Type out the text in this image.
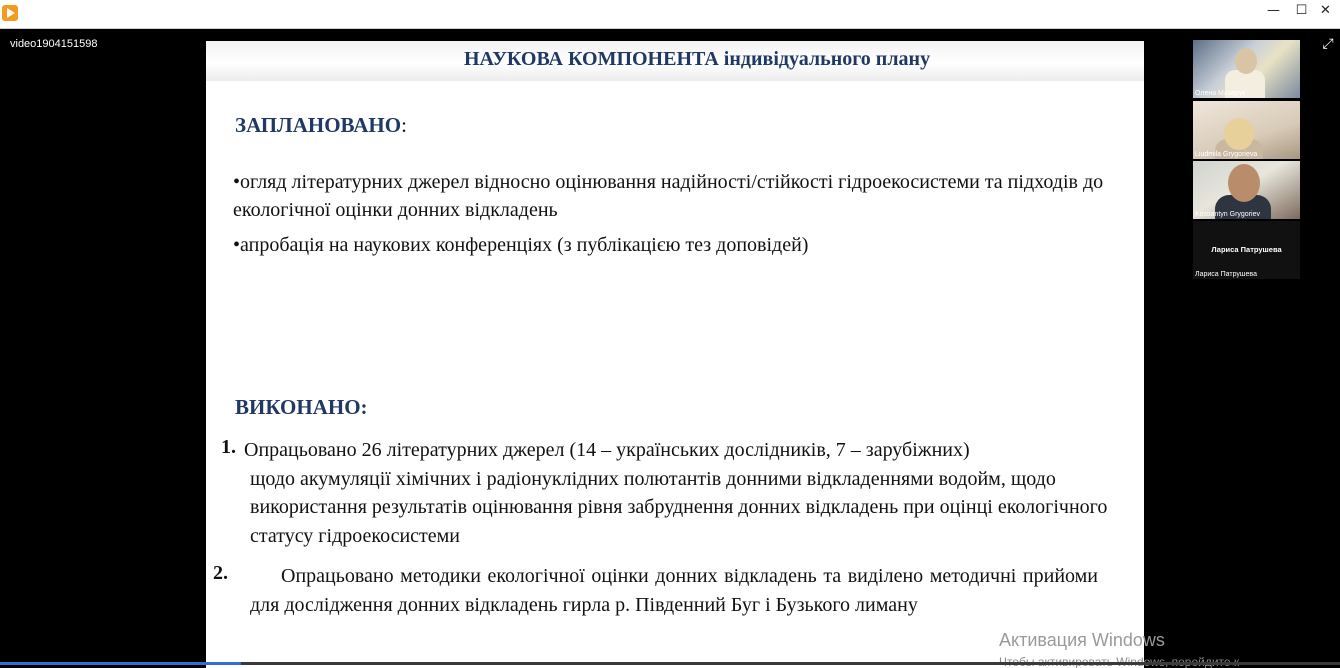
—	☐ ✕
video1904151598	⤢
НАУКОВА КОМПОНЕНТА індивідуального плану
ЗАПЛАНОВАНО:
•огляд літературних джерел відносно оцінювання надійності/стійкості гідроекосистеми та підходів до екологічної оцінки донних відкладень
•апробація на наукових конференціях (з публікацією тез доповідей)
ВИКОНАНО:
1. Опрацьовано 26 літературних джерел (14 – українських дослідників, 7 – зарубіжних)
щодо акумуляції хімічних і радіонуклідних полютантів донними відкладеннями водойм, щодо використання результатів оцінювання рівня забруднення донних відкладень при оцінці екологічного статусу гідроекосистеми
2.	Опрацьовано методики екологічної оцінки донних відкладень та виділено методичні прийоми для дослідження донних відкладень гирла р. Південний Буг і Бузького лиману
Олена Мазарук
Liudmila Grygorieva
Kostiantyn Grygoriev
Лариса Патрушева
Лариса Патрушева
Активация Windows
